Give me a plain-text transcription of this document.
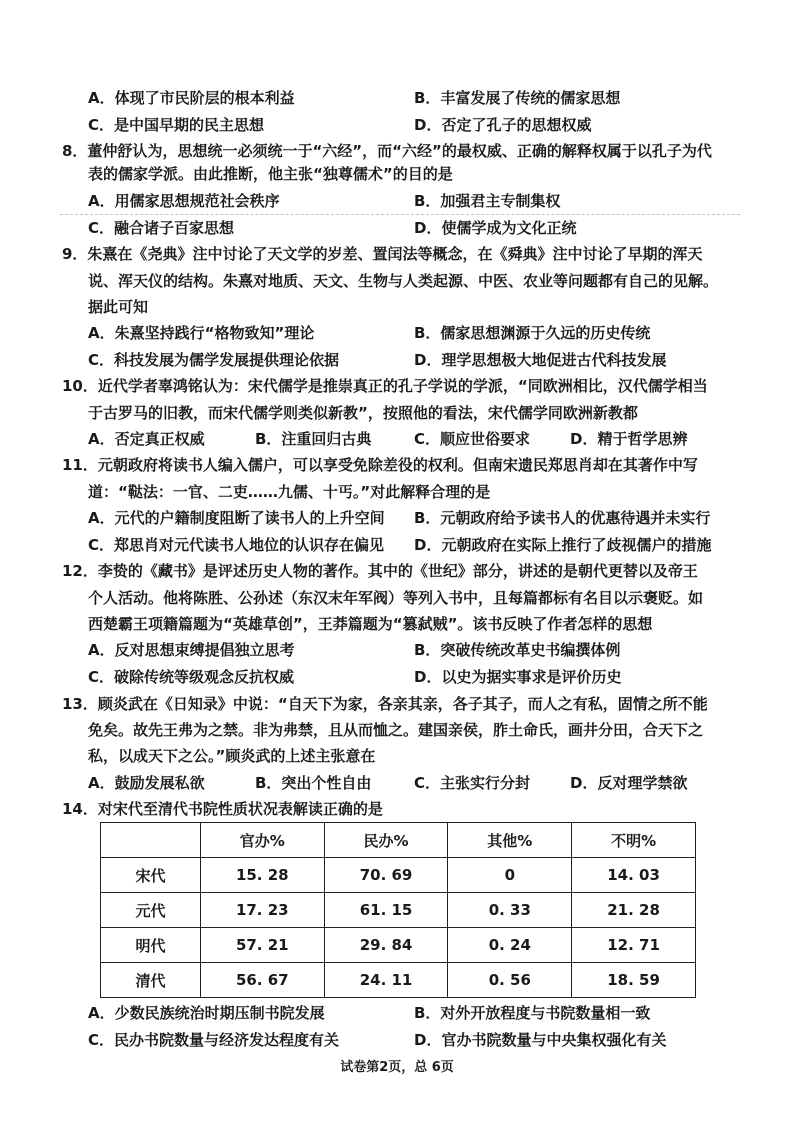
A．体现了市民阶层的根本利益	B．丰富发展了传统的儒家思想
C．是中国早期的民主思想	D．否定了孔子的思想权威
8．董仲舒认为，思想统一必须统一于“六经”，而“六经”的最权威、正确的解释权属于以孔子为代
表的儒家学派。由此推断，他主张“独尊儒术”的目的是
A．用儒家思想规范社会秩序	B．加强君主专制集权
C．融合诸子百家思想	D．使儒学成为文化正统
9．朱熹在《尧典》注中讨论了天文学的岁差、置闰法等概念，在《舜典》注中讨论了早期的浑天
说、浑天仪的结构。朱熹对地质、天文、生物与人类起源、中医、农业等问题都有自己的见解。
据此可知
A．朱熹坚持践行“格物致知”理论	B．儒家思想渊源于久远的历史传统
C．科技发展为儒学发展提供理论依据	D．理学思想极大地促进古代科技发展
10．近代学者辜鸿铭认为：宋代儒学是推崇真正的孔子学说的学派，“同欧洲相比，汉代儒学相当
于古罗马的旧教，而宋代儒学则类似新教”，按照他的看法，宋代儒学同欧洲新教都
A．否定真正权威	B．注重回归古典	C．顺应世俗要求	D．精于哲学思辨
11．元朝政府将读书人编入儒户，可以享受免除差役的权利。但南宋遗民郑思肖却在其著作中写
道：“鞑法：一官、二吏……九儒、十丐。”对此解释合理的是
A．元代的户籍制度阻断了读书人的上升空间 B．元朝政府给予读书人的优惠待遇并未实行
C．郑思肖对元代读书人地位的认识存在偏见 D．元朝政府在实际上推行了歧视儒户的措施
12．李贽的《藏书》是评述历史人物的著作。其中的《世纪》部分，讲述的是朝代更替以及帝王
个人活动。他将陈胜、公孙述（东汉末年军阀）等列入书中，且每篇都标有名目以示褒贬。如
西楚霸王项籍篇题为“英雄草创”，王莽篇题为“篡弑贼”。该书反映了作者怎样的思想
A．反对思想束缚提倡独立思考	B．突破传统改革史书编撰体例
C．破除传统等级观念反抗权威	D．以史为据实事求是评价历史
13．顾炎武在《日知录》中说：“自天下为家，各亲其亲，各子其子，而人之有私，固情之所不能
免矣。故先王弗为之禁。非为弗禁，且从而恤之。建国亲侯，胙土命氏，画井分田，合天下之
私，以成天下之公。”顾炎武的上述主张意在
A．鼓励发展私欲	B．突出个性自由	C．主张实行分封	D．反对理学禁欲
14．对宋代至清代书院性质状况表解读正确的是
	官办%	民办%	其他%	不明%
宋代	15. 28	70. 69	0	14. 03
元代	17. 23	61. 15	0. 33	21. 28
明代	57. 21	29. 84	0. 24	12. 71
清代	56. 67	24. 11	0. 56	18. 59
A．少数民族统治时期压制书院发展	B．对外开放程度与书院数量相一致
C．民办书院数量与经济发达程度有关	D．官办书院数量与中央集权强化有关
试卷第2页，总 6页
